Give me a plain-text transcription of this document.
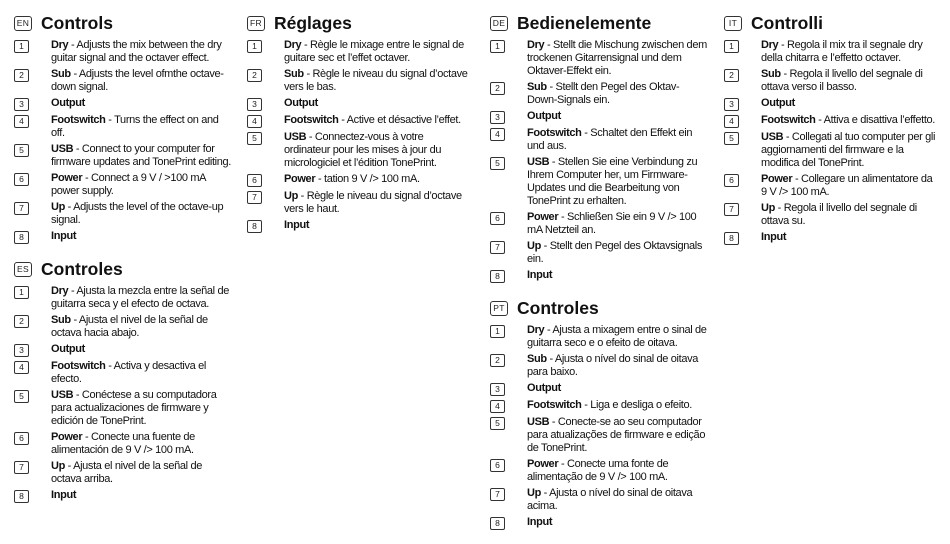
EN Controls
1	Dry - Adjusts the mix between the dry guitar signal and the octaver effect.
2	Sub - Adjusts the level ofmthe octave-down signal.
3	Output
4	Footswitch - Turns the effect on and off.
5	USB - Connect to your computer for firmware updates and TonePrint editing.
6	Power - Connect a 9 V / >100 mA power supply.
7	Up - Adjusts the level of the octave-up signal.
8	Input
ES Controles
1	Dry - Ajusta la mezcla entre la señal de guitarra seca y el efecto de octava.
2	Sub - Ajusta el nivel de la señal de octava hacia abajo.
3	Output
4	Footswitch - Activa y desactiva el efecto.
5	USB - Conéctese a su computadora para actualizaciones de firmware y edición de TonePrint.
6	Power - Conecte una fuente de alimentación de 9 V /> 100 mA.
7	Up - Ajusta el nivel de la señal de octava arriba.
8	Input
FR Réglages
1	Dry - Règle le mixage entre le signal de guitare sec et l’effet octaver.
2	Sub - Règle le niveau du signal d’octave vers le bas.
3	Output
4	Footswitch - Active et désactive l’effet.
5	USB - Connectez-vous à votre ordinateur pour les mises à jour du micrologiciel et l’édition TonePrint.
6	Power - tation 9 V /> 100 mA.
7	Up - Règle le niveau du signal d’octave vers le haut.
8	Input
DE Bedienelemente
1	Dry - Stellt die Mischung zwischen dem trockenen Gitarrensignal und dem Oktaver-Effekt ein.
2	Sub - Stellt den Pegel des Oktav-Down-Signals ein.
3	Output
4	Footswitch - Schaltet den Effekt ein und aus.
5	USB - Stellen Sie eine Verbindung zu Ihrem Computer her, um Firmware-Updates und die Bearbeitung von TonePrint zu erhalten.
6	Power - Schließen Sie ein 9 V /> 100 mA Netzteil an.
7	Up - Stellt den Pegel des Oktavsignals ein.
8	Input
PT Controles
1	Dry - Ajusta a mixagem entre o sinal de guitarra seco e o efeito de oitava.
2	Sub - Ajusta o nível do sinal de oitava para baixo.
3	Output
4	Footswitch - Liga e desliga o efeito.
5	USB - Conecte-se ao seu computador para atualizações de firmware e edição de TonePrint.
6	Power - Conecte uma fonte de alimentação de 9 V /> 100 mA.
7	Up - Ajusta o nível do sinal de oitava acima.
8	Input
IT Controlli
1	Dry - Regola il mix tra il segnale dry della chitarra e l’effetto octaver.
2	Sub - Regola il livello del segnale di ottava verso il basso.
3	Output
4	Footswitch - Attiva e disattiva l’effetto.
5	USB - Collegati al tuo computer per gli aggiornamenti del firmware e la modifica del TonePrint.
6	Power - Collegare un alimentatore da 9 V /> 100 mA.
7	Up - Regola il livello del segnale di ottava su.
8	Input
